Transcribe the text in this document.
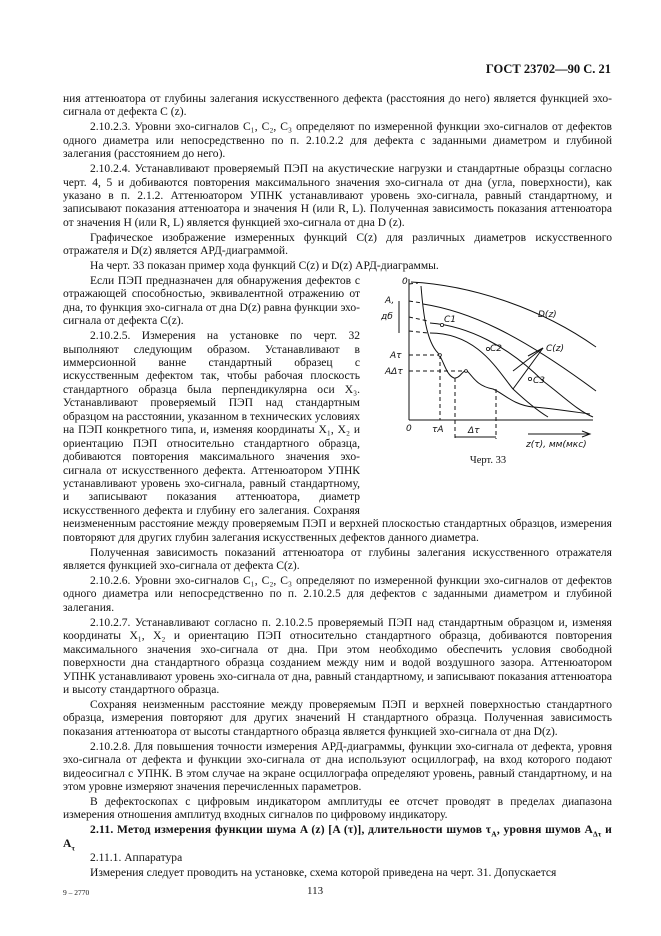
ГОСТ 23702—90 С. 21

ния аттенюатора от глубины залегания искусственного дефекта (расстояния до него) является функцией эхо-сигнала от дефекта C (z).

2.10.2.3. Уровни эхо-сигналов C₁, C₂, C₃ определяют по измеренной функции эхо-сигналов от дефектов одного диаметра или непосредственно по п. 2.10.2.2 для дефекта с заданными диаметром и глубиной залегания (расстоянием до него).

2.10.2.4. Устанавливают проверяемый ПЭП на акустические нагрузки и стандартные образцы согласно черт. 4, 5 и добиваются повторения максимального значения эхо-сигнала от дна (угла, поверхности), как указано в п. 2.1.2. Аттенюатором УПНК устанавливают уровень эхо-сигнала, равный стандартному, и записывают показания аттенюатора и значения H (или R, L). Полученная зависимость показания аттенюатора от значения H (или R, L) является функцией эхо-сигнала от дна D (z).

Графическое изображение измеренных функций C(z) для различных диаметров искусственного отражателя и D(z) является АРД-диаграммой.

На черт. 33 показан пример хода функций C(z) и D(z) АРД-диаграммы.

0
A,
дб
Aτ
AΔτ
0 τA	Δτ
z(τ), мм(мкс)
D(z)
C(z)
C1
C2
C3
Черт. 33

Если ПЭП предназначен для обнаружения дефектов с отражающей способностью, эквивалентной отражению от дна, то функция эхо-сигнала от дна D(z) равна функции эхо-сигнала от дефекта C(z).

2.10.2.5. Измерения на установке по черт. 32 выполняют следующим образом. Устанавливают в иммерсионной ванне стандартный образец с искусственным дефектом так, чтобы рабочая плоскость стандартного образца была перпендикулярна оси X₃. Устанавливают проверяемый ПЭП над стандартным образцом на расстоянии, указанном в технических условиях на ПЭП конкретного типа, и, изменяя координаты X₁, X₂ и ориентацию ПЭП относительно стандартного образца, добиваются повторения максимального значения эхо-сигнала от искусственного дефекта. Аттенюатором УПНК устанавливают уровень эхо-сигнала, равный стандартному, и записывают показания аттенюатора, диаметр искусственного дефекта и глубину его залегания. Сохраняя неизмененным расстояние между проверяемым ПЭП и верхней плоскостью стандартных образцов, измерения повторяют для других глубин залегания искусственных дефектов данного диаметра.

Полученная зависимость показаний аттенюатора от глубины залегания искусственного отражателя является функцией эхо-сигнала от дефекта C(z).

2.10.2.6. Уровни эхо-сигналов C₁, C₂, C₃ определяют по измеренной функции эхо-сигналов от дефектов одного диаметра или непосредственно по п. 2.10.2.5 для дефектов с заданными диаметром и глубиной залегания.

2.10.2.7. Устанавливают согласно п. 2.10.2.5 проверяемый ПЭП над стандартным образцом и, изменяя координаты X₁, X₂ и ориентацию ПЭП относительно стандартного образца, добиваются повторения максимального значения эхо-сигнала от дна. При этом необходимо обеспечить условия свободной поверхности дна стандартного образца созданием между ним и водой воздушного зазора. Аттенюатором УПНК устанавливают уровень эхо-сигнала от дна, равный стандартному, и записывают показания аттенюатора и высоту стандартного образца.

Сохраняя неизменным расстояние между проверяемым ПЭП и верхней поверхностью стандартного образца, измерения повторяют для других значений H стандартного образца. Полученная зависимость показания аттенюатора от высоты стандартного образца является функцией эхо-сигнала от дна D(z).

2.10.2.8. Для повышения точности измерения АРД-диаграммы, функции эхо-сигнала от дефекта, уровня эхо-сигнала от дефекта и функции эхо-сигнала от дна используют осциллограф, на вход которого подают видеосигнал с УПНК. В этом случае на экране осциллографа определяют уровень, равный стандартному, и на этом уровне измеряют значения перечисленных параметров.

В дефектоскопах с цифровым индикатором амплитуды ее отсчет проводят в пределах диапазона измерения отношения амплитуд входных сигналов по цифровому индикатору.

2.11. Метод измерения функции шума A (z) [A (τ)], длительности шумов $\tau_A$, уровня шумов $A_{\Delta\tau}$ и $A_\tau$

2.11.1. Аппаратура

Измерения следует проводить на установке, схема которой приведена на черт. 31. Допускается

9 – 2770	113
